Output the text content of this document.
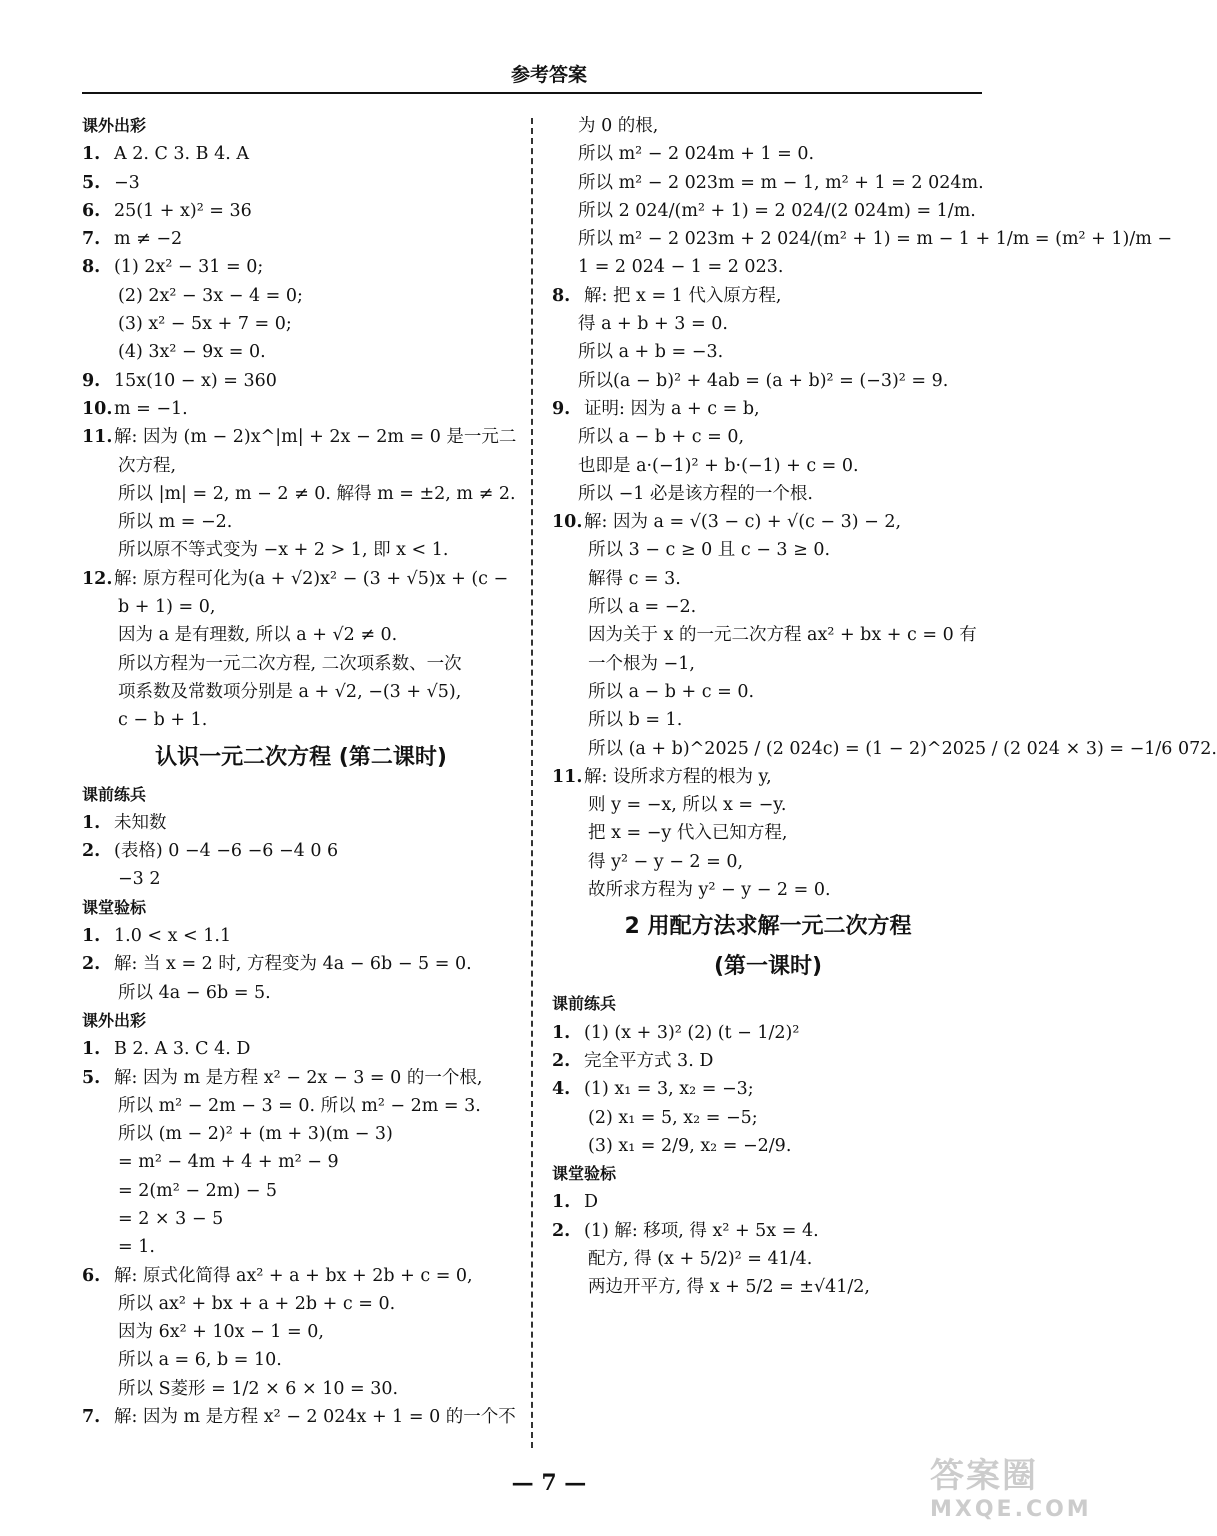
参考答案
课外出彩
1. A 2. C 3. B 4. A
5. −3
6. 25(1 + x)² = 36
7. m ≠ −2
8. (1) 2x² − 31 = 0;
(2) 2x² − 3x − 4 = 0;
(3) x² − 5x + 7 = 0;
(4) 3x² − 9x = 0.
9. 15x(10 − x) = 360
10.m = −1.
11.解: 因为 (m − 2)x^|m| + 2x − 2m = 0 是一元二
次方程,
所以 |m| = 2, m − 2 ≠ 0. 解得 m = ±2, m ≠ 2.
所以 m = −2.
所以原不等式变为 −x + 2 > 1, 即 x < 1.
12.解: 原方程可化为(a + √2)x² − (3 + √5)x + (c −
b + 1) = 0,
因为 a 是有理数, 所以 a + √2 ≠ 0.
所以方程为一元二次方程, 二次项系数、一次
项系数及常数项分别是 a + √2, −(3 + √5),
c − b + 1.
认识一元二次方程 (第二课时)
课前练兵
1. 未知数
2. (表格) 0 −4 −6 −6 −4 0 6
−3 2
课堂验标
1. 1.0 < x < 1.1
2. 解: 当 x = 2 时, 方程变为 4a − 6b − 5 = 0.
所以 4a − 6b = 5.
课外出彩
1. B 2. A 3. C 4. D
5. 解: 因为 m 是方程 x² − 2x − 3 = 0 的一个根,
所以 m² − 2m − 3 = 0. 所以 m² − 2m = 3.
所以 (m − 2)² + (m + 3)(m − 3)
= m² − 4m + 4 + m² − 9
= 2(m² − 2m) − 5
= 2 × 3 − 5
= 1.
6. 解: 原式化简得 ax² + a + bx + 2b + c = 0,
所以 ax² + bx + a + 2b + c = 0.
因为 6x² + 10x − 1 = 0,
所以 a = 6, b = 10.
所以 S菱形 = 1/2 × 6 × 10 = 30.
7. 解: 因为 m 是方程 x² − 2 024x + 1 = 0 的一个不
为 0 的根,
所以 m² − 2 024m + 1 = 0.
所以 m² − 2 023m = m − 1, m² + 1 = 2 024m.
所以 2 024/(m² + 1) = 2 024/(2 024m) = 1/m.
所以 m² − 2 023m + 2 024/(m² + 1) = m − 1 + 1/m = (m² + 1)/m −
1 = 2 024 − 1 = 2 023.
8. 解: 把 x = 1 代入原方程,
得 a + b + 3 = 0.
所以 a + b = −3.
所以(a − b)² + 4ab = (a + b)² = (−3)² = 9.
9. 证明: 因为 a + c = b,
所以 a − b + c = 0,
也即是 a·(−1)² + b·(−1) + c = 0.
所以 −1 必是该方程的一个根.
10.解: 因为 a = √(3 − c) + √(c − 3) − 2,
所以 3 − c ≥ 0 且 c − 3 ≥ 0.
解得 c = 3.
所以 a = −2.
因为关于 x 的一元二次方程 ax² + bx + c = 0 有
一个根为 −1,
所以 a − b + c = 0.
所以 b = 1.
所以 (a + b)^2025 / (2 024c) = (1 − 2)^2025 / (2 024 × 3) = −1/6 072.
11.解: 设所求方程的根为 y,
则 y = −x, 所以 x = −y.
把 x = −y 代入已知方程,
得 y² − y − 2 = 0,
故所求方程为 y² − y − 2 = 0.
2 用配方法求解一元二次方程
(第一课时)
课前练兵
1. (1) (x + 3)² (2) (t − 1/2)²
2. 完全平方式 3. D
4. (1) x₁ = 3, x₂ = −3;
(2) x₁ = 5, x₂ = −5;
(3) x₁ = 2/9, x₂ = −2/9.
课堂验标
1. D
2. (1) 解: 移项, 得 x² + 5x = 4.
配方, 得 (x + 5/2)² = 41/4.
两边开平方, 得 x + 5/2 = ±√41/2,
— 7 —	答案圈
MXQE.COM
